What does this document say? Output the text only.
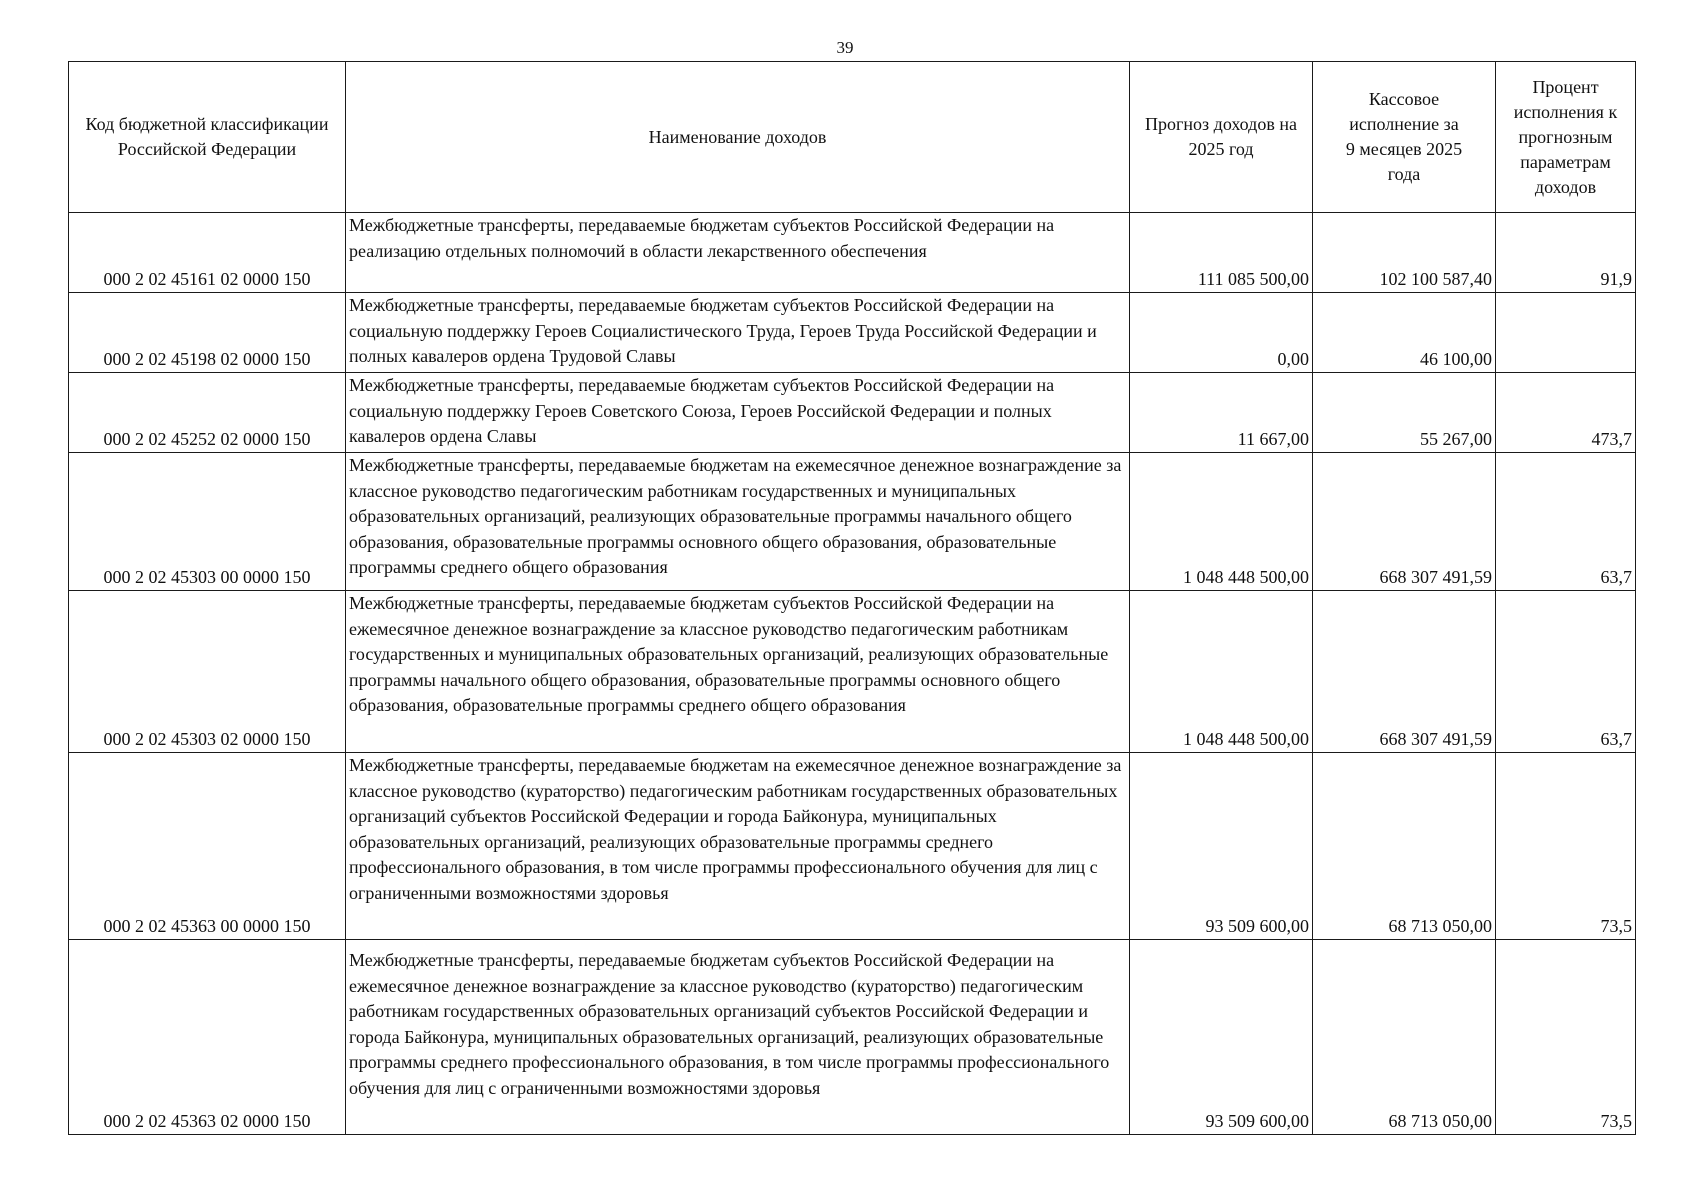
39
Код бюджетной классификации Российской Федерации	Наименование доходов	Прогноз доходов на 2025 год	Кассовое исполнение за 9 месяцев 2025 года	Процент исполнения к прогнозным параметрам доходов
000 2 02 45161 02 0000 150	Межбюджетные трансферты, передаваемые бюджетам субъектов Российской Федерации на реализацию отдельных полномочий в области лекарственного обеспечения	111 085 500,00	102 100 587,40	91,9
000 2 02 45198 02 0000 150	Межбюджетные трансферты, передаваемые бюджетам субъектов Российской Федерации на социальную поддержку Героев Социалистического Труда, Героев Труда Российской Федерации и полных кавалеров ордена Трудовой Славы	0,00	46 100,00	
000 2 02 45252 02 0000 150	Межбюджетные трансферты, передаваемые бюджетам субъектов Российской Федерации на социальную поддержку Героев Советского Союза, Героев Российской Федерации и полных кавалеров ордена Славы	11 667,00	55 267,00	473,7
000 2 02 45303 00 0000 150	Межбюджетные трансферты, передаваемые бюджетам на ежемесячное денежное вознаграждение за классное руководство педагогическим работникам государственных и муниципальных образовательных организаций, реализующих образовательные программы начального общего образования, образовательные программы основного общего образования, образовательные программы среднего общего образования	1 048 448 500,00	668 307 491,59	63,7
000 2 02 45303 02 0000 150	Межбюджетные трансферты, передаваемые бюджетам субъектов Российской Федерации на ежемесячное денежное вознаграждение за классное руководство педагогическим работникам государственных и муниципальных образовательных организаций, реализующих образовательные программы начального общего образования, образовательные программы основного общего образования, образовательные программы среднего общего образования	1 048 448 500,00	668 307 491,59	63,7
000 2 02 45363 00 0000 150	Межбюджетные трансферты, передаваемые бюджетам на ежемесячное денежное вознаграждение за классное руководство (кураторство) педагогическим работникам государственных образовательных организаций субъектов Российской Федерации и города Байконура, муниципальных образовательных организаций, реализующих образовательные программы среднего профессионального образования, в том числе программы профессионального обучения для лиц с ограниченными возможностями здоровья	93 509 600,00	68 713 050,00	73,5
000 2 02 45363 02 0000 150	Межбюджетные трансферты, передаваемые бюджетам субъектов Российской Федерации на ежемесячное денежное вознаграждение за классное руководство (кураторство) педагогическим работникам государственных образовательных организаций субъектов Российской Федерации и города Байконура, муниципальных образовательных организаций, реализующих образовательные программы среднего профессионального образования, в том числе программы профессионального обучения для лиц с ограниченными возможностями здоровья	93 509 600,00	68 713 050,00	73,5
